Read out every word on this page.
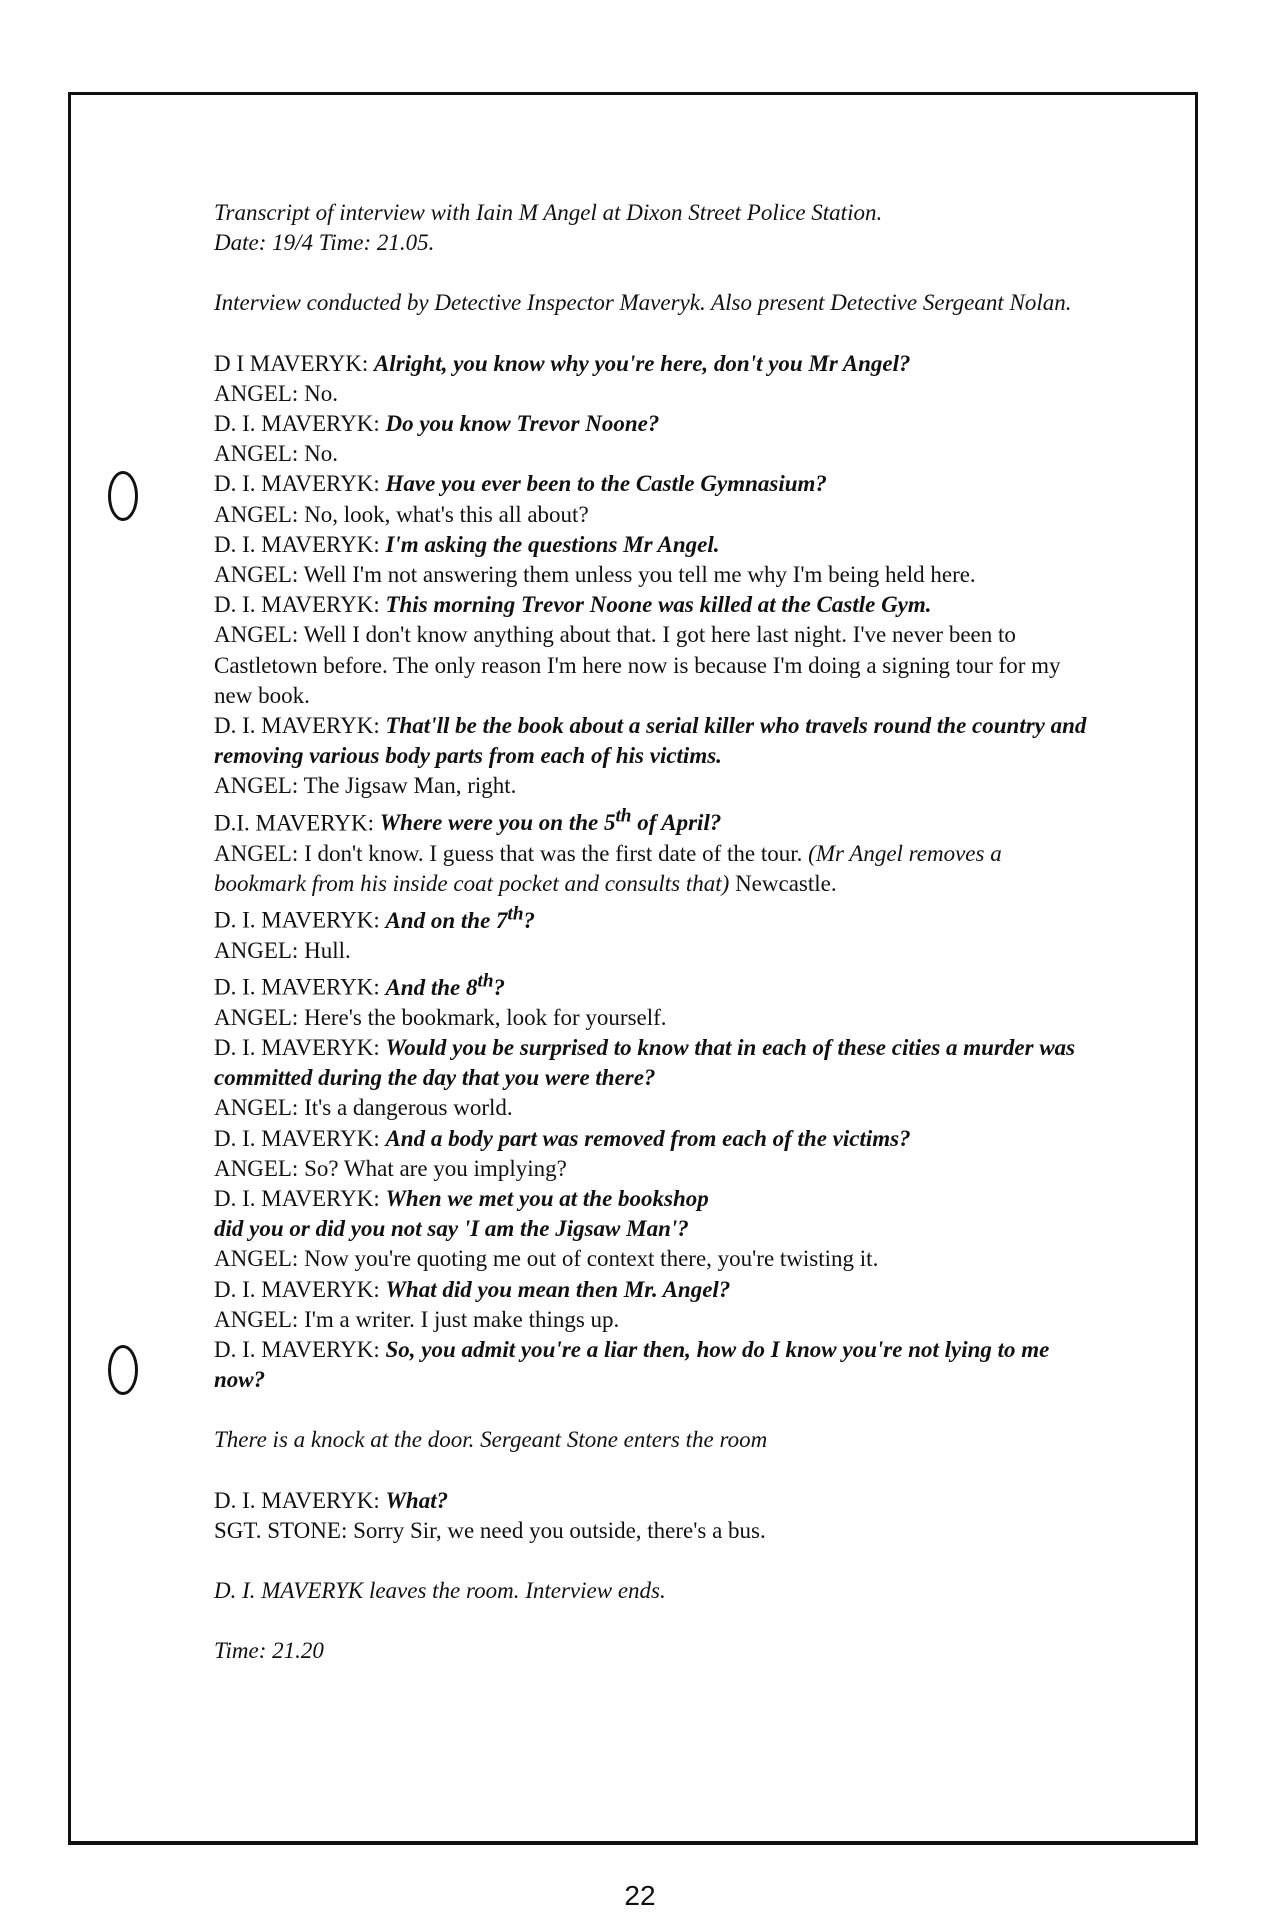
Transcript of interview with Iain M Angel at Dixon Street Police Station.

Date: 19/4 Time: 21.05.

Interview conducted by Detective Inspector Maveryk. Also present Detective Sergeant Nolan.

D I MAVERYK: Alright, you know why you're here, don't you Mr Angel?

ANGEL: No.

D. I. MAVERYK: Do you know Trevor Noone?

ANGEL: No.

D. I. MAVERYK: Have you ever been to the Castle Gymnasium?

ANGEL: No, look, what's this all about?

D. I. MAVERYK: I'm asking the questions Mr Angel.

ANGEL: Well I'm not answering them unless you tell me why I'm being held here.

D. I. MAVERYK: This morning Trevor Noone was killed at the Castle Gym.

ANGEL: Well I don't know anything about that. I got here last night. I've never been to Castletown before. The only reason I'm here now is because I'm doing a signing tour for my new book.

D. I. MAVERYK: That'll be the book about a serial killer who travels round the country and removing various body parts from each of his victims.

ANGEL: The Jigsaw Man, right.

D.I. MAVERYK: Where were you on the 5th of April?

ANGEL: I don't know. I guess that was the first date of the tour. (Mr Angel removes a bookmark from his inside coat pocket and consults that) Newcastle.

D. I. MAVERYK: And on the 7th?

ANGEL: Hull.

D. I. MAVERYK: And the 8th?

ANGEL: Here's the bookmark, look for yourself.

D. I. MAVERYK: Would you be surprised to know that in each of these cities a murder was committed during the day that you were there?

ANGEL: It's a dangerous world.

D. I. MAVERYK: And a body part was removed from each of the victims?

ANGEL: So? What are you implying?

D. I. MAVERYK: When we met you at the bookshop

did you or did you not say 'I am the Jigsaw Man'?

ANGEL: Now you're quoting me out of context there, you're twisting it.

D. I. MAVERYK: What did you mean then Mr. Angel?

ANGEL: I'm a writer. I just make things up.

D. I. MAVERYK: So, you admit you're a liar then, how do I know you're not lying to me now?

There is a knock at the door. Sergeant Stone enters the room

D. I. MAVERYK: What?

SGT. STONE: Sorry Sir, we need you outside, there's a bus.

D. I. MAVERYK leaves the room. Interview ends.

Time: 21.20

22
